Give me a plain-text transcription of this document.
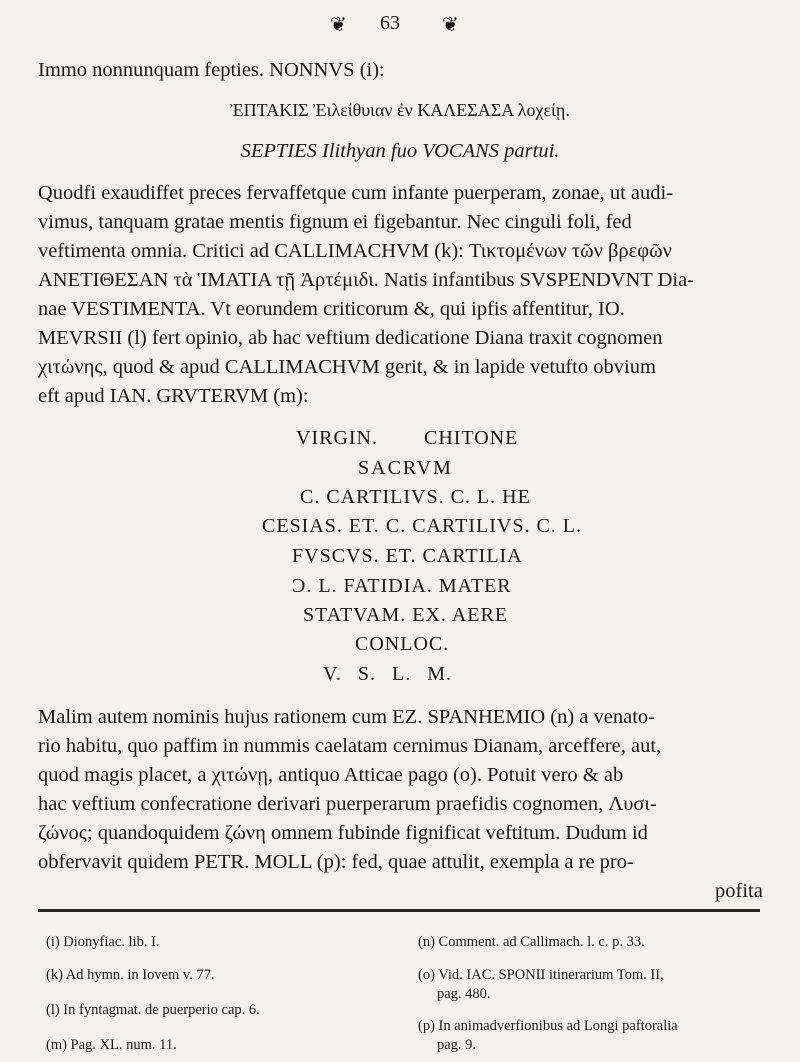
❦ 63 ❦
Immo nonnunquam fepties. NONNVS (i):
ἘΠΤΑΚΙΣ Ἐιλείθυιαν ἐν ΚΑΛΕΣΑΣΑ λοχείῃ.
SEPTIES Ilithyan fuo VOCANS partui.
Quodfi exaudiffet preces fervaffetque cum infante puerperam, zonae, ut audi-
vimus, tanquam gratae mentis fignum ei figebantur. Nec cinguli foli, fed
veftimenta omnia. Critici ad CALLIMACHVM (k): Τικτομένων τῶν βρεφῶν
ΑΝΕΤΙΘΕΣΑΝ τὰ ἹΜΑΤΙΑ τῇ Ἀρτέμιδι. Natis infantibus SVSPENDVNT Dia-
nae VESTIMENTA. Vt eorundem criticorum &, qui ipfis affentitur, IO.
MEVRSII (l) fert opinio, ab hac veftium dedicatione Diana traxit cognomen
χιτώνης, quod & apud CALLIMACHVM gerit, & in lapide vetufto obvium
eft apud IAN. GRVTERVM (m):
VIRGIN. CHITONE
SACRVM
C. CARTILIVS. C. L. HE
CESIAS. ET. C. CARTILIVS. C. L.
FVSCVS. ET. CARTILIA
Ɔ. L. FATIDIA. MATER
STATVAM. EX. AERE
CONLOC.
V. S. L. M.
Malim autem nominis hujus rationem cum EZ. SPANHEMIO (n) a venato-
rio habitu, quo paffim in nummis caelatam cernimus Dianam, arceffere, aut,
quod magis placet, a χιτώνῃ, antiquo Atticae pago (o). Potuit vero & ab
hac veftium confecratione derivari puerperarum praefidis cognomen, Λυσι-
ζώνος; quandoquidem ζώνη omnem fubinde fignificat veftitum. Dudum id
obfervavit quidem PETR. MOLL (p): fed, quae attulit, exempla a re pro-
pofita
(i) Dionyfiac. lib. I.
(k) Ad hymn. in Iovem v. 77.
(l) In fyntagmat. de puerperio cap. 6.
(m) Pag. XL. num. 11.
(n) Comment. ad Callimach. l. c. p. 33.
(o) Vid. IAC. SPONII itinerarium Tom. II,
pag. 480.
(p) In animadverfionibus ad Longi paftoralia
pag. 9.
